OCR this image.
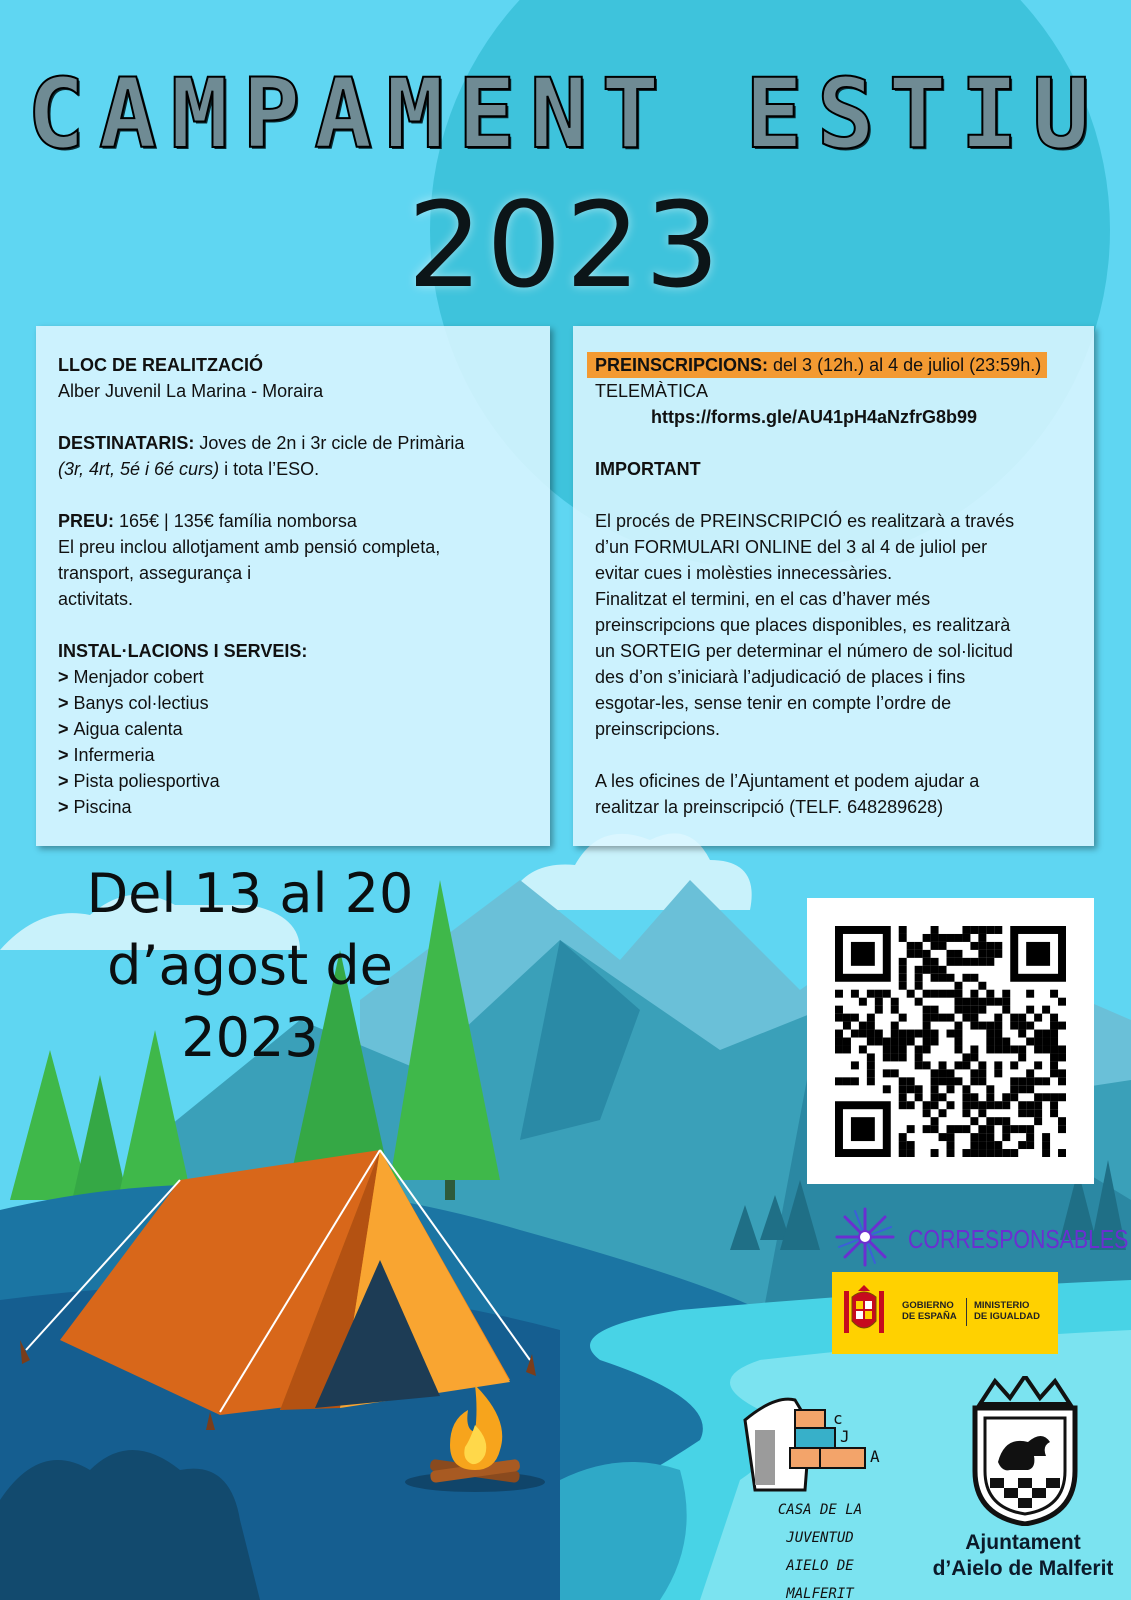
CAMPAMENT ESTIU
2023
LLOC DE REALITZACIÓ
Alber Juvenil La Marina - Moraira
DESTINATARIS: Joves de 2n i 3r cicle de Primària
(3r, 4rt, 5é i 6é curs) i tota l’ESO.
PREU: 165€ | 135€ família nomborsa
El preu inclou allotjament amb pensió completa,
transport, assegurança i
activitats.
INSTAL·LACIONS I SERVEIS:
> Menjador cobert
> Banys col·lectius
> Aigua calenta
> Infermeria
> Pista poliesportiva
> Piscina
PREINSCRIPCIONS: del 3 (12h.) al 4 de juliol (23:59h.)
TELEMÀTICA
https://forms.gle/AU41pH4aNzfrG8b99
IMPORTANT
El procés de PREINSCRIPCIÓ es realitzarà a través
d’un FORMULARI ONLINE del 3 al 4 de juliol per
evitar cues i molèsties innecessàries.
Finalitzat el termini, en el cas d’haver més
preinscripcions que places disponibles, es realitzarà
un SORTEIG per determinar el número de sol·licitud
des d’on s’iniciarà l’adjudicació de places i fins
esgotar-les, sense tenir en compte l’ordre de
preinscripcions.
A les oficines de l’Ajuntament et podem ajudar a
realitzar la preinscripció (TELF. 648289628)
Del 13 al 20
d’agost de
2023
CORRESPONSABLES
GOBIERNO
DE ESPAÑA
MINISTERIO
DE IGUALDAD
c
J
A
CASA DE LA JUVENTUD
AIELO DE
MALFERIT
Ajuntament
d’Aielo de Malferit
